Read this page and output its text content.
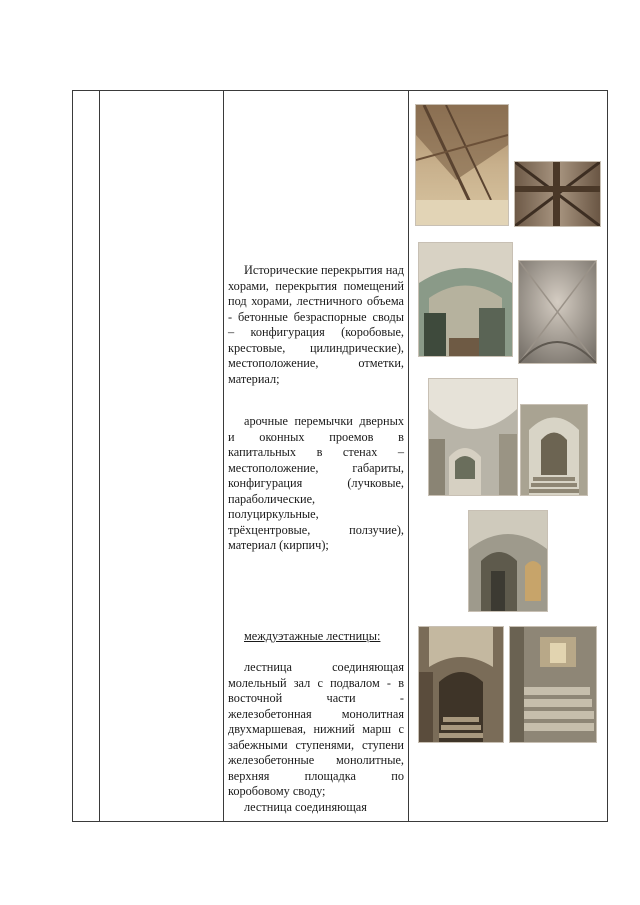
Исторические перекрытия над хорами, перекрытия помещений под хорами, лестничного объема - бетонные безраспорные своды – конфигурация (коробовые, крестовые, цилиндрические), местоположение, отметки, материал;

арочные перемычки дверных и оконных проемов в капитальных в стенах – местоположение, габариты, конфигурация (лучковые, параболические, полуциркульные, трёхцентровые, ползучие), материал (кирпич);

междуэтажные лестницы:

лестница соединяющая молельный зал с подвалом - в восточной части - железобетонная монолитная двухмаршевая, нижний марш с забежными ступенями, ступени железобетонные монолитные, верхняя площадка по коробовому своду;

лестница соединяющая
